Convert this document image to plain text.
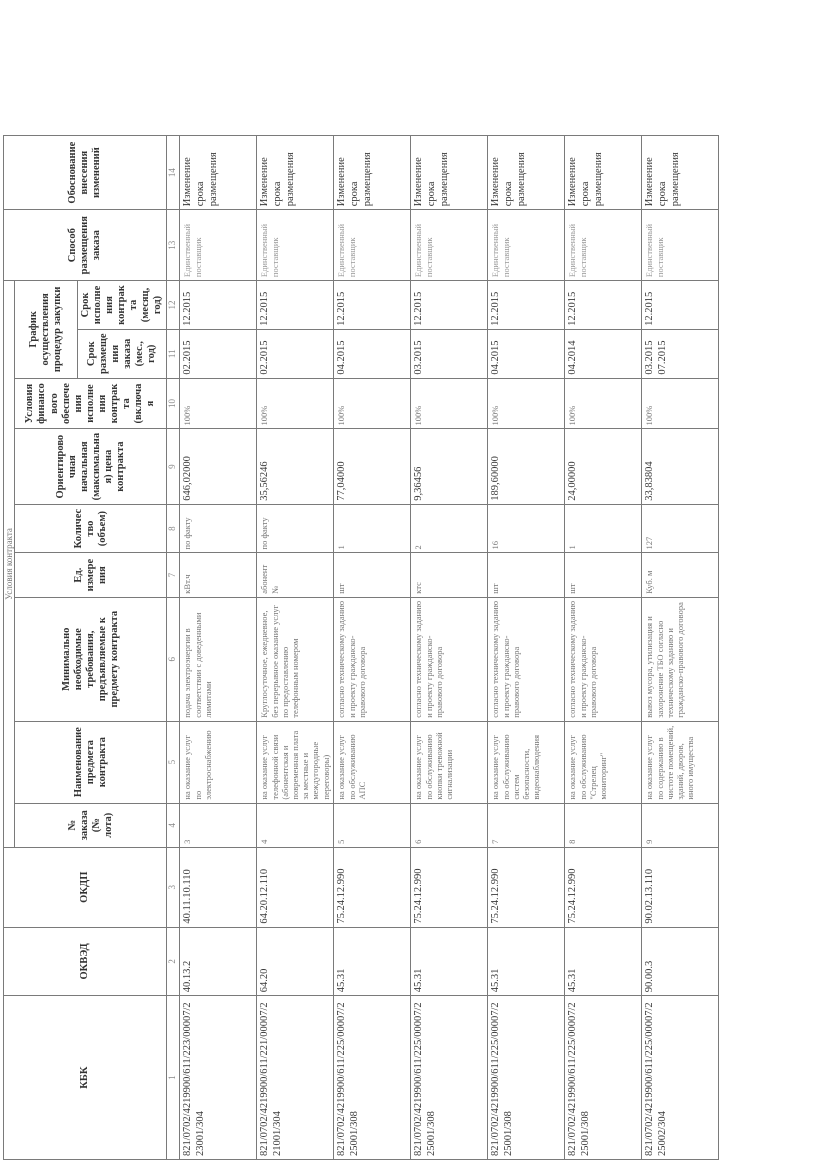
КБК	ОКВЭД	ОКДП	Условия контракта									Способ размещения заказа	Обоснование внесения изменений
			№ заказа (№ лота)	Наименование предмета контракта	Минимально необходимые требования, предъявляемые к предмету контракта	Ед. измерения	Количество (объем)	Ориентировочная начальная (максимальная) цена контракта	Условия финансового обеспечения исполнения контракта (включая	График осуществления процедур закупки			
										Срок размещения заказа (мес., год)	Срок исполнения контракта (месяц, год)		
1	2	3	4	5	6	7	8	9	10	11	12	13	14
821/0702/4219900/611/223/00007/223001/304	40.13.2	40.11.10.110	3	на оказание услуг по электроснабжению	подача электроэнергии в соответствии с доведенными лимитами	кВт.ч	по факту	646,02000	100%	02.2015	12.2015	Единственный поставщик	Изменение срока размещения
821/0702/4219900/611/221/00007/221001/304	64.20	64.20.12.110	4	на оказание услуг телефонной связи (абонентская и повременная плата за местные и междугородные переговоры)	Круглосуточное, ежедневное, без перерывное оказание услуг по предоставлению телефонным номером	абонент №	по факту	35,56246	100%	02.2015	12.2015	Единственный поставщик	Изменение срока размещения
821/0702/4219900/611/225/00007/225001/308	45.31	75.24.12.990	5	на оказание услуг по обслуживанию АПС	согласно техническому заданию и проекту гражданско-правового договора	шт	1	77,04000	100%	04.2015	12.2015	Единственный поставщик	Изменение срока размещения
821/0702/4219900/611/225/00007/225001/308	45.31	75.24.12.990	6	на оказание услуг по обслуживанию кнопки тревожной сигнализации	согласно техническому заданию и проекту гражданско-правового договора	ктс	2	9,36456	100%	03.2015	12.2015	Единственный поставщик	Изменение срока размещения
821/0702/4219900/611/225/00007/225001/308	45.31	75.24.12.990	7	на оказание услуг по обслуживанию систем безопасности, видеонаблюдения	согласно техническому заданию и проекту гражданско-правового договора	шт	16	189,60000	100%	04.2015	12.2015	Единственный поставщик	Изменение срока размещения
821/0702/4219900/611/225/00007/225001/308	45.31	75.24.12.990	8	на оказание услуг по обслуживанию "Стрелец мониторинг"	согласно техническому заданию и проекту гражданско-правового договора	шт	1	24,00000	100%	04.2014	12.2015	Единственный поставщик	Изменение срока размещения
821/0702/4219900/611/225/00007/225002/304	90.00.3	90.02.13.110	9	на оказание услуг по содержанию в чистоте помещений, зданий, дворов, иного имущества	вывоз мусора, утилизация и захоронение ТБО согласно техническому заданию и гражданско-правового договора	Куб. м	127	33,83804	100%	03.2015 07.2015	12.2015	Единственный поставщик	Изменение срока размещения
